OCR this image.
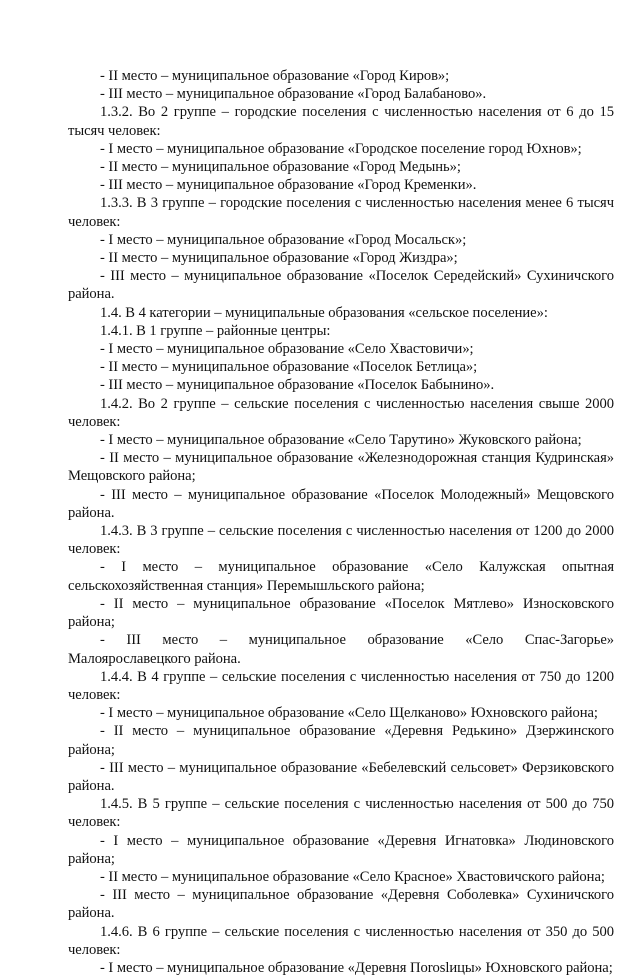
- II место – муниципальное образование «Город Киров»;

- III место – муниципальное образование «Город Балабаново».

1.3.2. Во 2 группе – городские поселения с численностью населения от 6 до 15 тысяч человек:

- I место – муниципальное образование «Городское поселение город Юхнов»;

- II место – муниципальное образование «Город Медынь»;

- III место – муниципальное образование «Город Кременки».

1.3.3. В 3 группе – городские поселения с численностью населения менее 6 тысяч человек:

- I место – муниципальное образование «Город Мосальск»;

- II место – муниципальное образование «Город Жиздра»;

- III место – муниципальное образование «Поселок Середейский» Сухиничского района.

1.4. В 4 категории – муниципальные образования «сельское поселение»:

1.4.1. В 1 группе – районные центры:

- I место – муниципальное образование «Село Хвастовичи»;

- II место – муниципальное образование «Поселок Бетлица»;

- III место – муниципальное образование «Поселок Бабынино».

1.4.2. Во 2 группе – сельские поселения с численностью населения свыше 2000 человек:

- I место – муниципальное образование «Село Тарутино» Жуковского района;

- II место – муниципальное образование «Железнодорожная станция Кудринская» Мещовского района;

- III место – муниципальное образование «Поселок Молодежный» Мещовского района.

1.4.3. В 3 группе – сельские поселения с численностью населения от 1200 до 2000 человек:

- I место – муниципальное образование «Село Калужская опытная сельскохозяйственная станция» Перемышльского района;

- II место – муниципальное образование «Поселок Мятлево» Износковского района;

- III место – муниципальное образование «Село Спас-Загорье» Малоярославецкого района.

1.4.4. В 4 группе – сельские поселения с численностью населения от 750 до 1200 человек:

- I место – муниципальное образование «Село Щелканово» Юхновского района;

- II место – муниципальное образование «Деревня Редькино» Дзержинского района;

- III место – муниципальное образование «Бебелевский сельсовет» Ферзиковского района.

1.4.5. В 5 группе – сельские поселения с численностью населения от 500 до 750 человек:

- I место – муниципальное образование «Деревня Игнатовка» Людиновского района;

- II место – муниципальное образование «Село Красное» Хвастовичского района;

- III место – муниципальное образование «Деревня Соболевка» Сухиничского района.

1.4.6. В 6 группе – сельские поселения с численностью населения от 350 до 500 человек:

- I место – муниципальное образование «Деревня Поroslицы» Юхновского района;
